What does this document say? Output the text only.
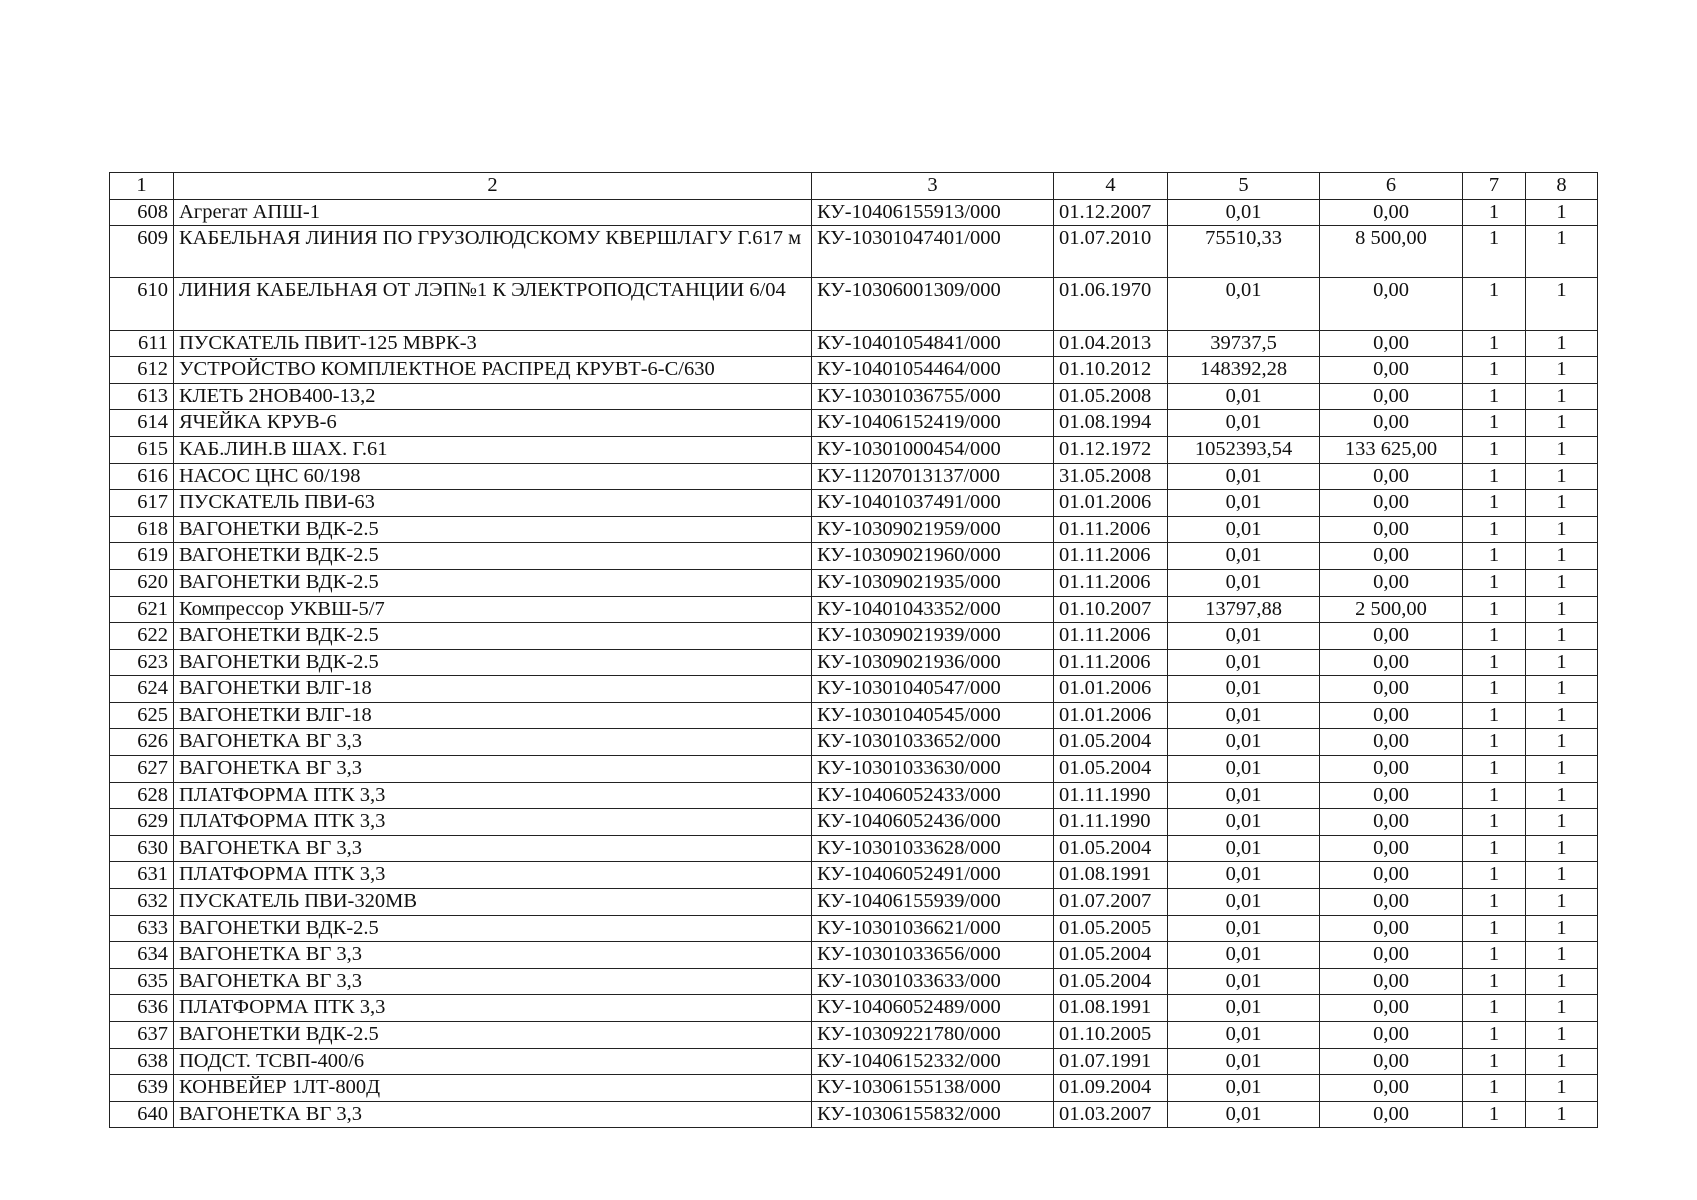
1	2	3	4	5	6	7	8
608	Агрегат АПШ-1	КУ-10406155913/000	01.12.2007	0,01	0,00	1	1
609	КАБЕЛЬНАЯ ЛИНИЯ ПО ГРУЗОЛЮДСКОМУ КВЕРШЛАГУ Г.617 м	КУ-10301047401/000	01.07.2010	75510,33	8 500,00	1	1
610	ЛИНИЯ КАБЕЛЬНАЯ ОТ ЛЭП№1 К ЭЛЕКТРОПОДСТАНЦИИ 6/04	КУ-10306001309/000	01.06.1970	0,01	0,00	1	1
611	ПУСКАТЕЛЬ ПВИТ-125 МВРК-3	КУ-10401054841/000	01.04.2013	39737,5	0,00	1	1
612	УСТРОЙСТВО КОМПЛЕКТНОЕ РАСПРЕД КРУВТ-6-С/630	КУ-10401054464/000	01.10.2012	148392,28	0,00	1	1
613	КЛЕТЬ 2НОВ400-13,2	КУ-10301036755/000	01.05.2008	0,01	0,00	1	1
614	ЯЧЕЙКА КРУВ-6	КУ-10406152419/000	01.08.1994	0,01	0,00	1	1
615	КАБ.ЛИН.В ШАХ. Г.61	КУ-10301000454/000	01.12.1972	1052393,54	133 625,00	1	1
616	НАСОС ЦНС 60/198	КУ-11207013137/000	31.05.2008	0,01	0,00	1	1
617	ПУСКАТЕЛЬ ПВИ-63	КУ-10401037491/000	01.01.2006	0,01	0,00	1	1
618	ВАГОНЕТКИ ВДК-2.5	КУ-10309021959/000	01.11.2006	0,01	0,00	1	1
619	ВАГОНЕТКИ ВДК-2.5	КУ-10309021960/000	01.11.2006	0,01	0,00	1	1
620	ВАГОНЕТКИ ВДК-2.5	КУ-10309021935/000	01.11.2006	0,01	0,00	1	1
621	Компрессор УКВШ-5/7	КУ-10401043352/000	01.10.2007	13797,88	2 500,00	1	1
622	ВАГОНЕТКИ ВДК-2.5	КУ-10309021939/000	01.11.2006	0,01	0,00	1	1
623	ВАГОНЕТКИ ВДК-2.5	КУ-10309021936/000	01.11.2006	0,01	0,00	1	1
624	ВАГОНЕТКИ ВЛГ-18	КУ-10301040547/000	01.01.2006	0,01	0,00	1	1
625	ВАГОНЕТКИ ВЛГ-18	КУ-10301040545/000	01.01.2006	0,01	0,00	1	1
626	ВАГОНЕТКА ВГ 3,3	КУ-10301033652/000	01.05.2004	0,01	0,00	1	1
627	ВАГОНЕТКА ВГ 3,3	КУ-10301033630/000	01.05.2004	0,01	0,00	1	1
628	ПЛАТФОРМА ПТК 3,3	КУ-10406052433/000	01.11.1990	0,01	0,00	1	1
629	ПЛАТФОРМА ПТК 3,3	КУ-10406052436/000	01.11.1990	0,01	0,00	1	1
630	ВАГОНЕТКА ВГ 3,3	КУ-10301033628/000	01.05.2004	0,01	0,00	1	1
631	ПЛАТФОРМА ПТК 3,3	КУ-10406052491/000	01.08.1991	0,01	0,00	1	1
632	ПУСКАТЕЛЬ ПВИ-320МВ	КУ-10406155939/000	01.07.2007	0,01	0,00	1	1
633	ВАГОНЕТКИ ВДК-2.5	КУ-10301036621/000	01.05.2005	0,01	0,00	1	1
634	ВАГОНЕТКА ВГ 3,3	КУ-10301033656/000	01.05.2004	0,01	0,00	1	1
635	ВАГОНЕТКА ВГ 3,3	КУ-10301033633/000	01.05.2004	0,01	0,00	1	1
636	ПЛАТФОРМА ПТК 3,3	КУ-10406052489/000	01.08.1991	0,01	0,00	1	1
637	ВАГОНЕТКИ ВДК-2.5	КУ-10309221780/000	01.10.2005	0,01	0,00	1	1
638	ПОДСТ. ТСВП-400/6	КУ-10406152332/000	01.07.1991	0,01	0,00	1	1
639	КОНВЕЙЕР 1ЛТ-800Д	КУ-10306155138/000	01.09.2004	0,01	0,00	1	1
640	ВАГОНЕТКА ВГ 3,3	КУ-10306155832/000	01.03.2007	0,01	0,00	1	1
